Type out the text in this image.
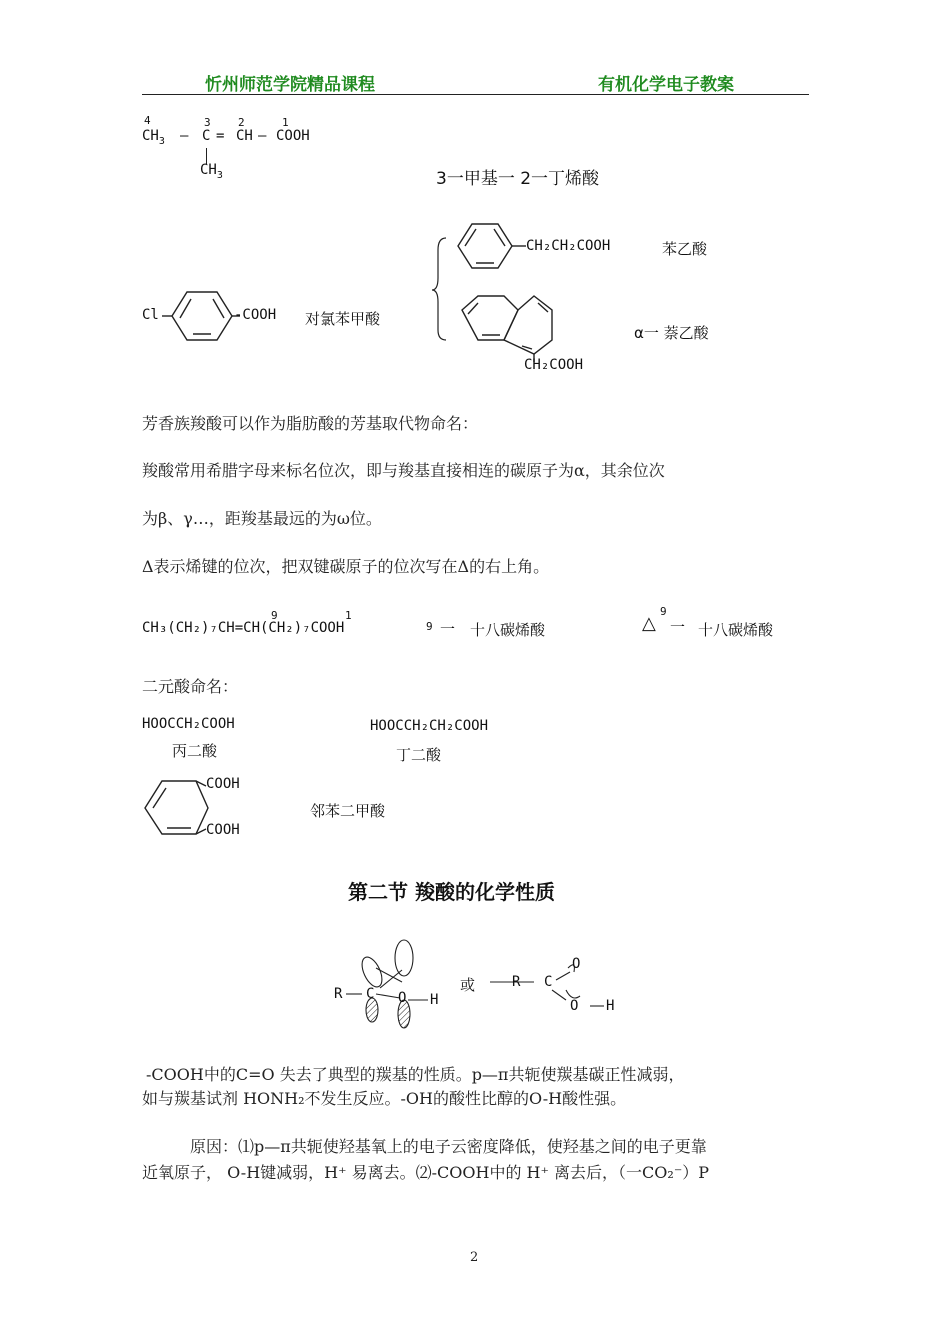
忻州师范学院精品课程	有机化学电子教案
4	3 2	1
$CH_3$ — C = CH — COOH
$CH_3$	3一甲基一 2一丁烯酸
Cl	-COOH 对氯苯甲酸
CH₂CH₂COOH	苯乙酸
CH₂COOH
α一 萘乙酸
芳香族羧酸可以作为脂肪酸的芳基取代物命名：
羧酸常用希腊字母来标名位次，即与羧基直接相连的碳原子为α，其余位次
为β、γ…，距羧基最远的为ω位。
Δ表示烯键的位次，把双键碳原子的位次写在Δ的右上角。
9	1
CH₃(CH₂)₇CH=CH(CH₂)₇COOH	9 一 十八碳烯酸	△
9
一 十八碳烯酸
二元酸命名：
HOOCCH₂COOH
丙二酸
HOOCCH₂CH₂COOH
丁二酸
COOH
COOH
邻苯二甲酸
第二节 羧酸的化学性质
R C O H
或	R C
O
O H
-COOH中的C=O 失去了典型的羰基的性质。p—π共轭使羰基碳正性减弱，
如与羰基试剂 HONH₂不发生反应。-OH的酸性比醇的O-H酸性强。
原因：⑴p—π共轭使羟基氧上的电子云密度降低，使羟基之间的电子更靠
近氧原子， O-H键减弱，H⁺ 易离去。⑵-COOH中的 H⁺ 离去后，（一CO₂⁻）P
2
